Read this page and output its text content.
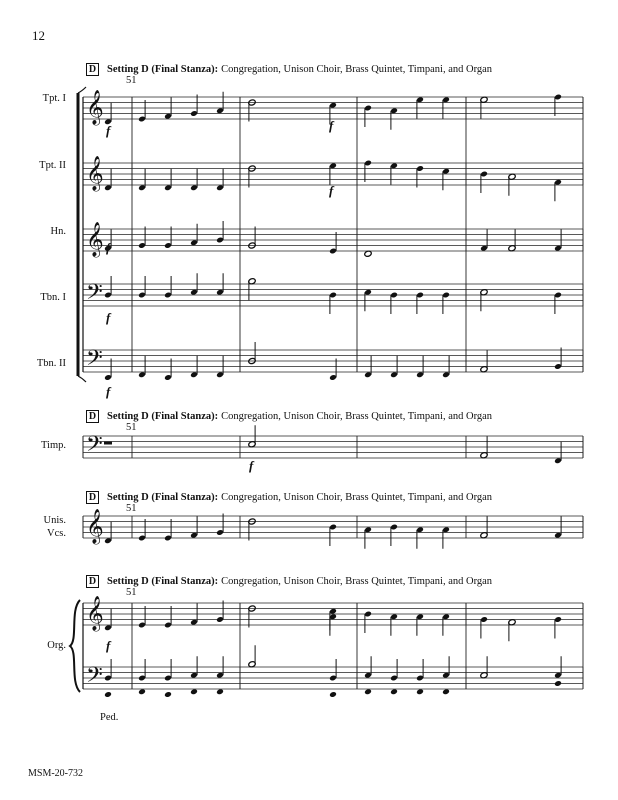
12
D Setting D (Final Stanza): Congregation, Unison Choir, Brass Quintet, Timpani, and Organ
51
D Setting D (Final Stanza): Congregation, Unison Choir, Brass Quintet, Timpani, and Organ
51
D Setting D (Final Stanza): Congregation, Unison Choir, Brass Quintet, Timpani, and Organ
51
D Setting D (Final Stanza): Congregation, Unison Choir, Brass Quintet, Timpani, and Organ
51
Tpt. I
Tpt. II
Hn.
Tbn. I
Tbn. II
Timp.
Unis.
Vcs.
Org.
Ped.
MSM-20-732
𝄞
𝄞
𝄞
𝄢
𝄢
𝄢
𝄞
𝄞
𝄢
f	f
f
f
f
f
f
f
